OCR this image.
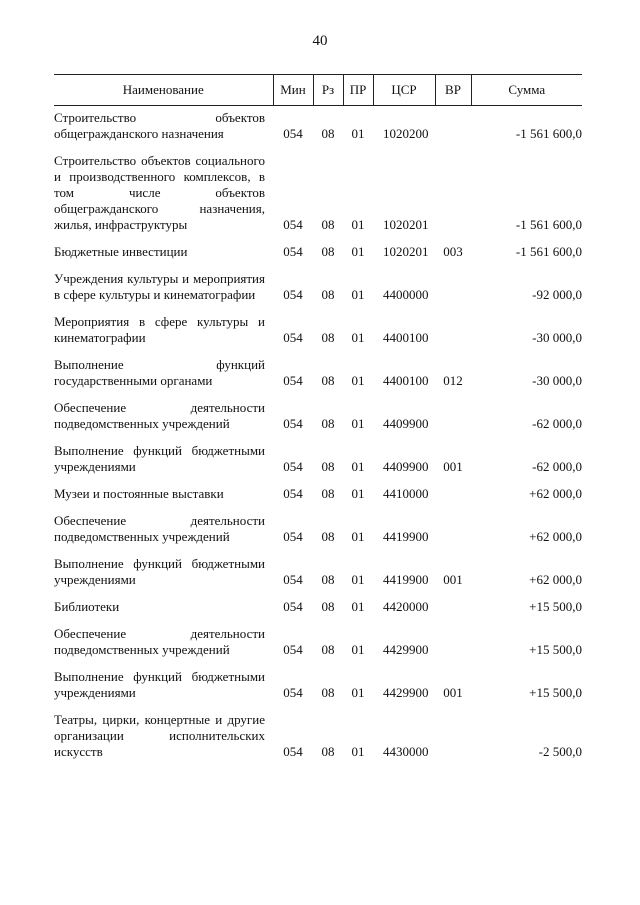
40
Наименование	Мин	Рз	ПР	ЦСР	ВР	Сумма
Строительство объектов общегражданского назначения	054	08	01	1020200		-1 561 600,0
Строительство объектов социального и производственного комплексов, в том числе объектов общегражданского назначения, жилья, инфраструктуры	054	08	01	1020201		-1 561 600,0
Бюджетные инвестиции	054	08	01	1020201	003	-1 561 600,0
Учреждения культуры и мероприятия в сфере культуры и кинематографии	054	08	01	4400000		-92 000,0
Мероприятия в сфере культуры и кинематографии	054	08	01	4400100		-30 000,0
Выполнение функций государственными органами	054	08	01	4400100	012	-30 000,0
Обеспечение деятельности подведомственных учреждений	054	08	01	4409900		-62 000,0
Выполнение функций бюджетными учреждениями	054	08	01	4409900	001	-62 000,0
Музеи и постоянные выставки	054	08	01	4410000		+62 000,0
Обеспечение деятельности подведомственных учреждений	054	08	01	4419900		+62 000,0
Выполнение функций бюджетными учреждениями	054	08	01	4419900	001	+62 000,0
Библиотеки	054	08	01	4420000		+15 500,0
Обеспечение деятельности подведомственных учреждений	054	08	01	4429900		+15 500,0
Выполнение функций бюджетными учреждениями	054	08	01	4429900	001	+15 500,0
Театры, цирки, концертные и другие организации исполнительских искусств	054	08	01	4430000		-2 500,0
